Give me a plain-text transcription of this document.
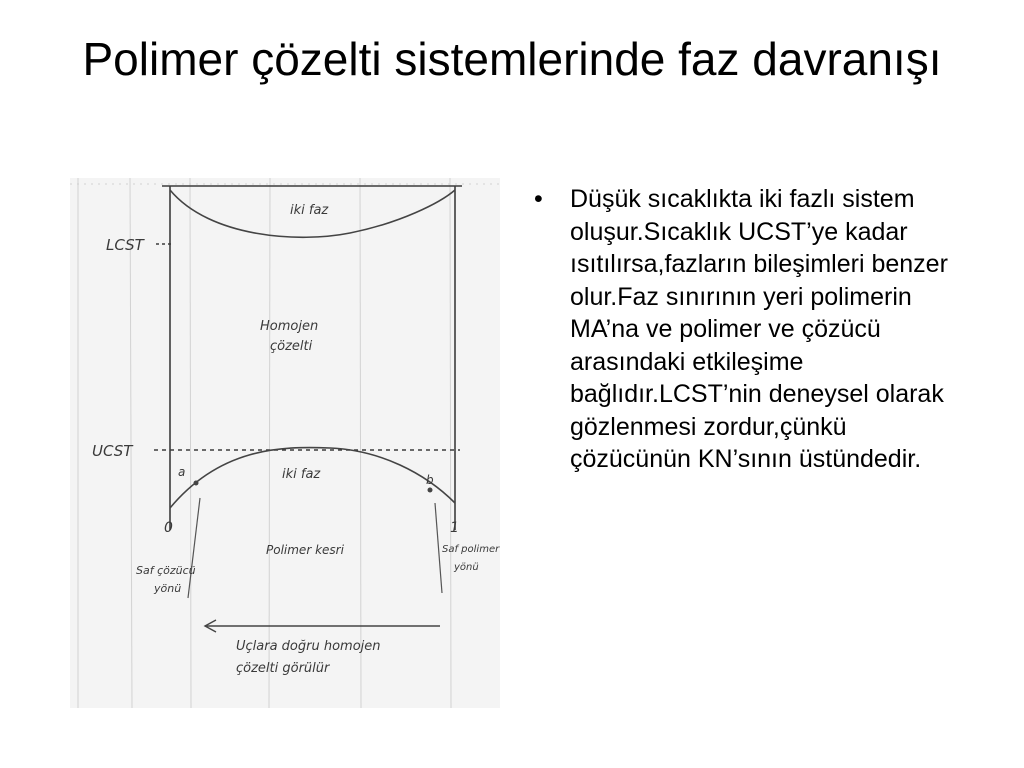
Polimer çözelti sistemlerinde faz davranışı
LCST
UCST
iki faz
Homojen
çözelti
iki faz
a
b
0	1
Polimer kesri
Saf çözücü
yönü
Saf polimer
yönü
Uçlara doğru homojen
çözelti görülür
• Düşük sıcaklıkta iki fazlı sistem oluşur.Sıcaklık UCST’ye kadar ısıtılırsa,fazların bileşimleri benzer olur.Faz sınırının yeri polimerin MA’na ve polimer ve çözücü arasındaki etkileşime bağlıdır.LCST’nin deneysel olarak gözlenmesi zordur,çünkü çözücünün KN’sının üstündedir.
